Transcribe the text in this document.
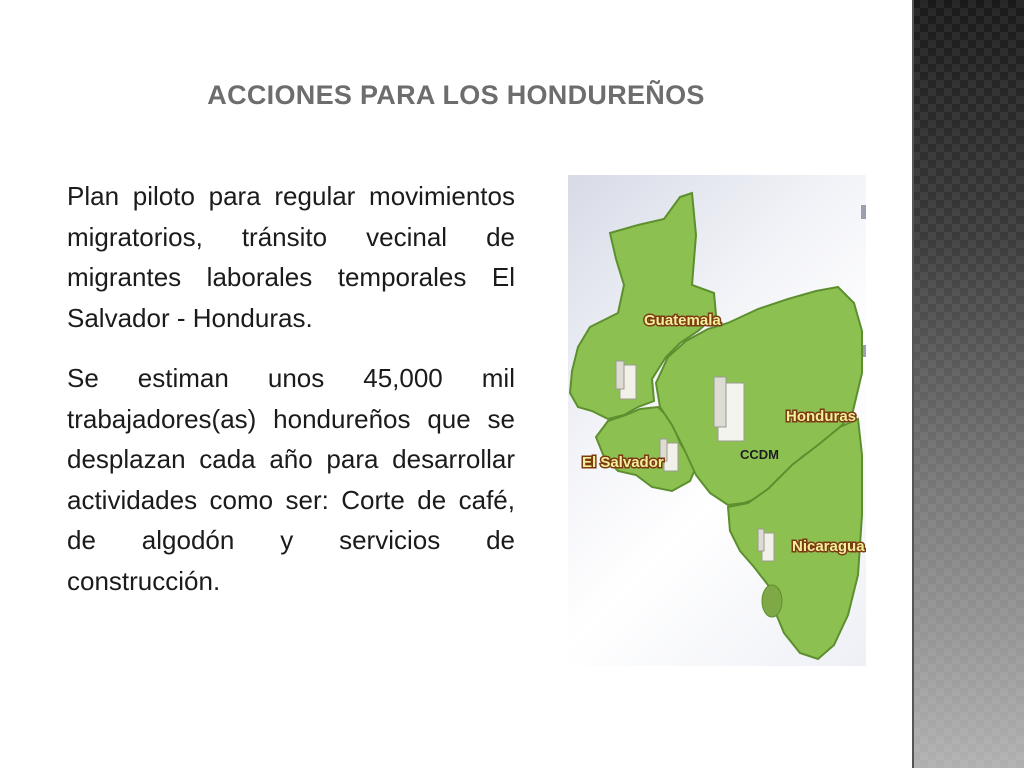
ACCIONES PARA LOS HONDUREÑOS

Plan piloto para regular movimientos migratorios, tránsito vecinal de migrantes laborales temporales El Salvador - Honduras.

Se estiman unos 45,000 mil trabajadores(as) hondureños que se desplazan cada año para desarrollar actividades como ser: Corte de café, de algodón y servicios de construcción.

Guatemala
Honduras
El Salvador
Nicaragua
CCDM
